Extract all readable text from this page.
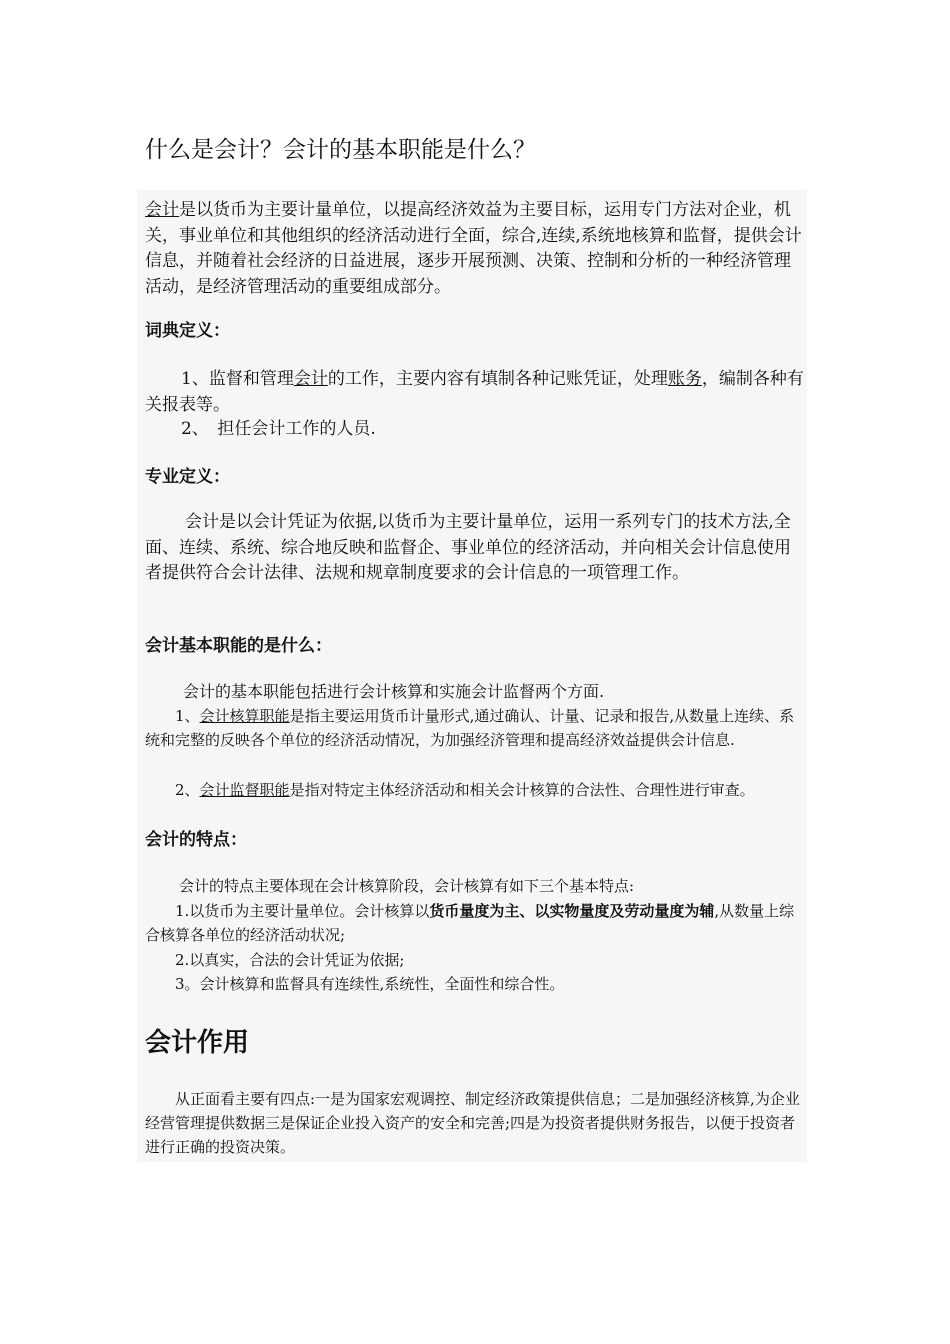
什么是会计？会计的基本职能是什么？

会计是以货币为主要计量单位，以提高经济效益为主要目标，运用专门方法对企业，机关，事业单位和其他组织的经济活动进行全面，综合,连续,系统地核算和监督，提供会计信息，并随着社会经济的日益进展，逐步开展预测、决策、控制和分析的一种经济管理活动，是经济管理活动的重要组成部分。

词典定义：

1、监督和管理会计的工作，主要内容有填制各种记账凭证，处理账务，编制各种有关报表等。

2、　担任会计工作的人员.

专业定义：

会计是以会计凭证为依据,以货币为主要计量单位，运用一系列专门的技术方法,全面、连续、系统、综合地反映和监督企、事业单位的经济活动，并向相关会计信息使用者提供符合会计法律、法规和规章制度要求的会计信息的一项管理工作。

会计基本职能的是什么：

会计的基本职能包括进行会计核算和实施会计监督两个方面.

1、会计核算职能是指主要运用货币计量形式,通过确认、计量、记录和报告,从数量上连续、系统和完整的反映各个单位的经济活动情况，为加强经济管理和提高经济效益提供会计信息.

2、会计监督职能是指对特定主体经济活动和相关会计核算的合法性、合理性进行审查。

会计的特点：

会计的特点主要体现在会计核算阶段，会计核算有如下三个基本特点:

1.以货币为主要计量单位。会计核算以货币量度为主、以实物量度及劳动量度为辅,从数量上综合核算各单位的经济活动状况;

2.以真实，合法的会计凭证为依据;

3。会计核算和监督具有连续性,系统性，全面性和综合性。

会计作用

从正面看主要有四点:一是为国家宏观调控、制定经济政策提供信息；二是加强经济核算,为企业经营管理提供数据三是保证企业投入资产的安全和完善;四是为投资者提供财务报告，以便于投资者进行正确的投资决策。
